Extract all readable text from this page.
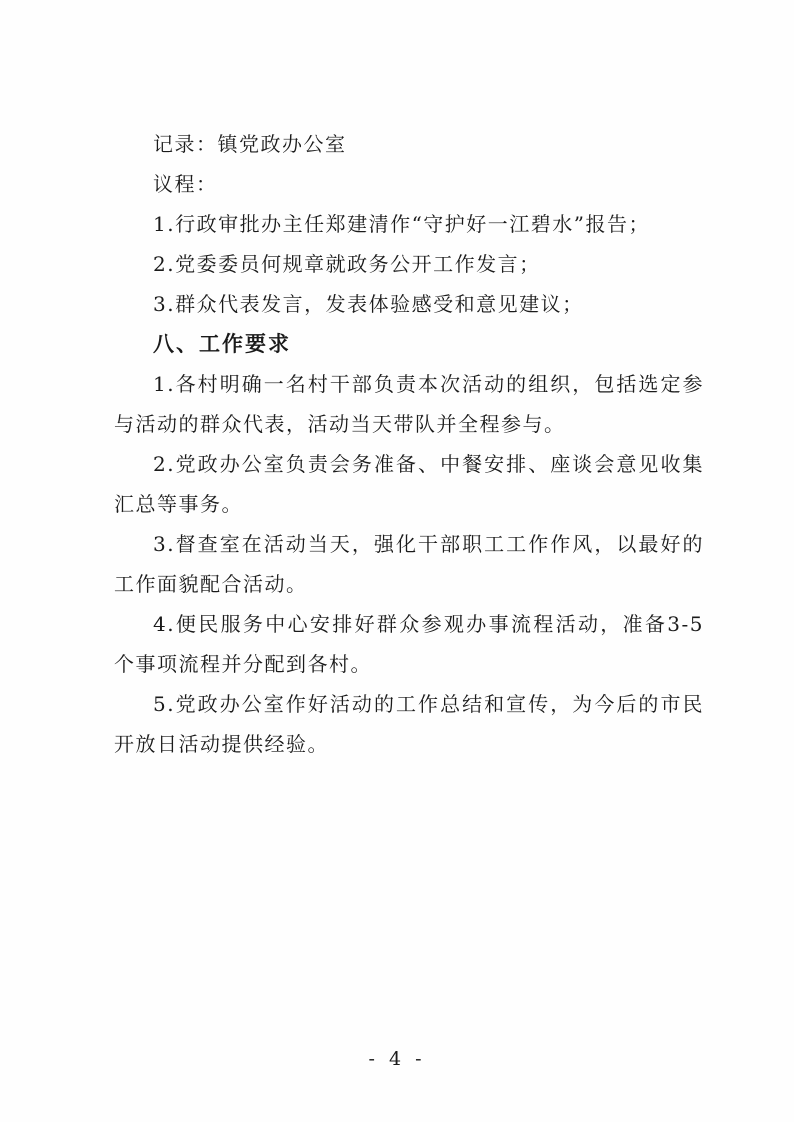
记录：镇党政办公室
议程：
1.行政审批办主任郑建清作“守护好一江碧水”报告；
2.党委委员何规章就政务公开工作发言；
3.群众代表发言，发表体验感受和意见建议；
八、工作要求
1.各村明确一名村干部负责本次活动的组织，包括选定参
与活动的群众代表，活动当天带队并全程参与。
2.党政办公室负责会务准备、中餐安排、座谈会意见收集
汇总等事务。
3.督查室在活动当天，强化干部职工工作作风，以最好的
工作面貌配合活动。
4.便民服务中心安排好群众参观办事流程活动，准备3-5
个事项流程并分配到各村。
5.党政办公室作好活动的工作总结和宣传，为今后的市民
开放日活动提供经验。
- 4 -
